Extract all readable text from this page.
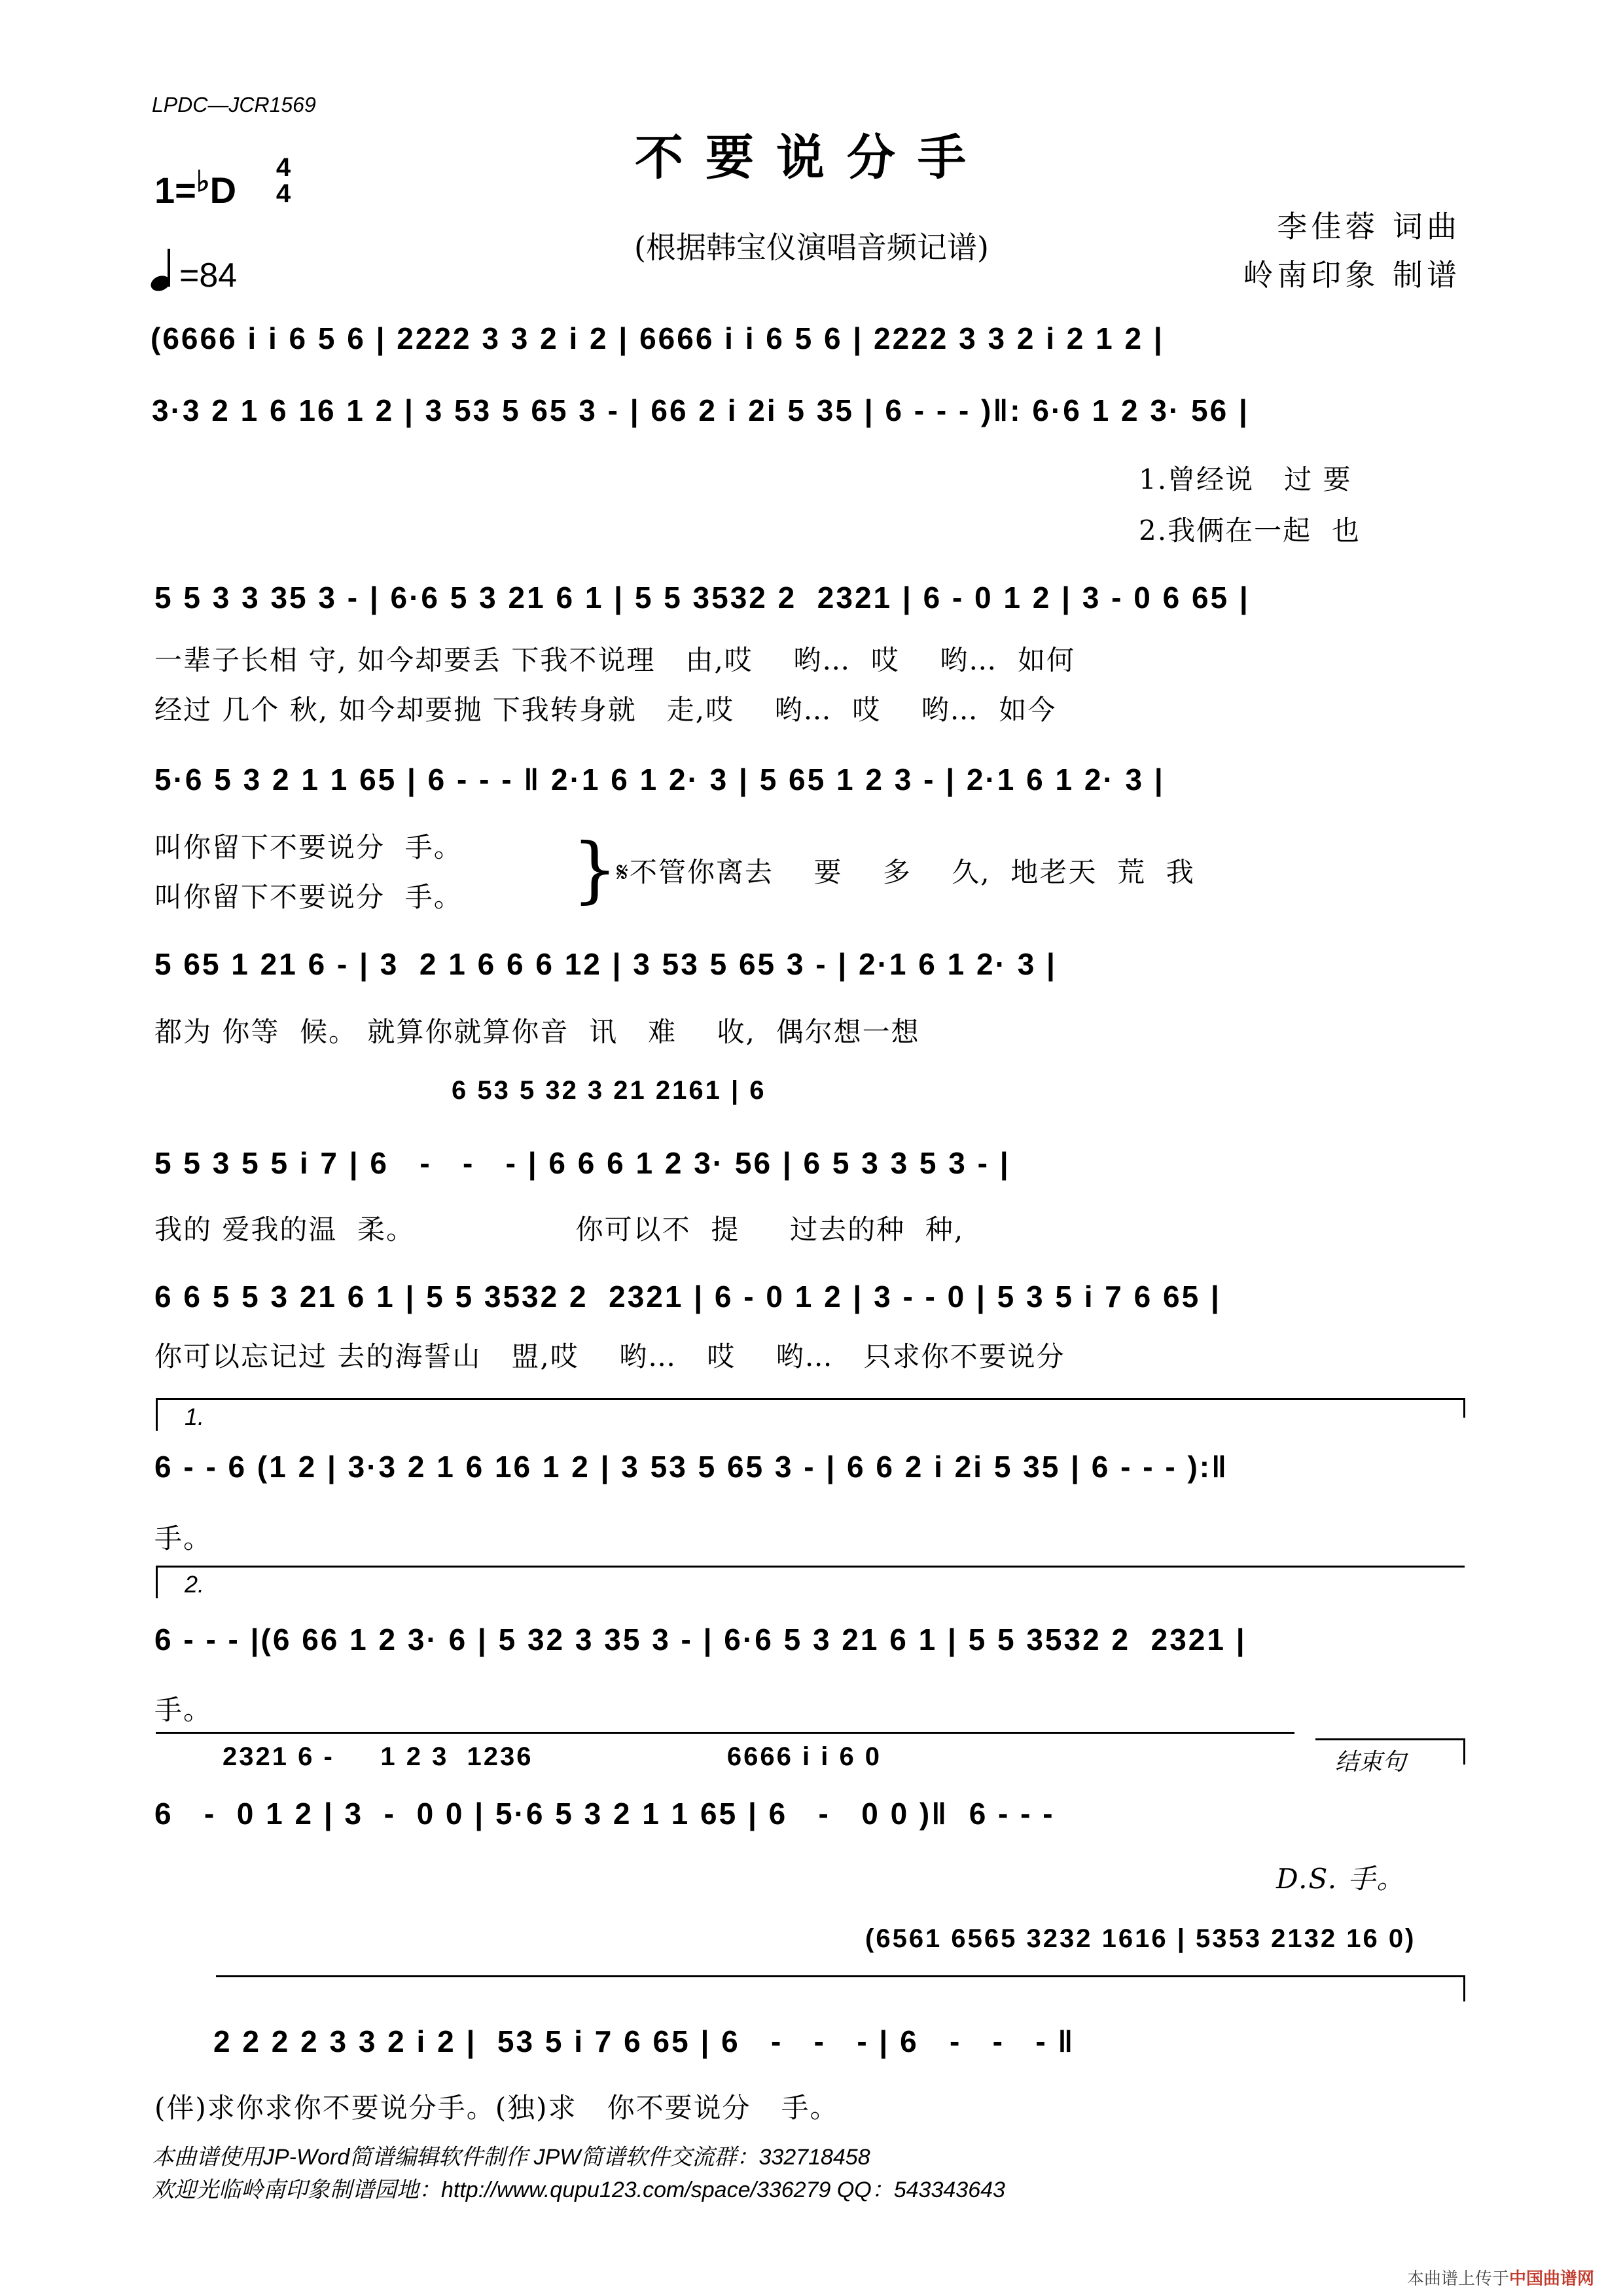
LPDC—JCR1569
不要说分手
(根据韩宝仪演唱音频记谱)
1=♭D
4
4
=84
李佳蓉 词曲
岭南印象 制谱
(6666 i i 6 5 6 | 2222 3 3 2 i 2 | 6666 i i 6 5 6 | 2222 3 3 2 i 2 1 2 |
3·3 2 1 6 16 1 2 | 3 53 5 65 3 - | 66 2 i 2i 5 35 | 6 - - - )‖: 6·6 1 2 3· 56 |
1.曾经说   过 要
2.我俩在一起  也
5 5 3 3 35 3 - | 6·6 5 3 21 6 1 | 5 5 3532 2  2321 | 6 - 0 1 2 | 3 - 0 6 65 |
一辈子长相 守, 如今却要丢 下我不说理   由,哎    哟…  哎    哟…  如何
经过 几个 秋, 如今却要抛 下我转身就   走,哎    哟…  哎    哟…  如今
5·6 5 3 2 1 1 65 | 6 - - - ‖ 2·1 6 1 2· 3 | 5 65 1 2 3 - | 2·1 6 1 2· 3 |
叫你留下不要说分  手。
叫你留下不要说分  手。 }
𝄋不管你离去    要    多    久,  地老天  荒  我
5 65 1 21 6 - | 3  2 1 6 6 6 12 | 3 53 5 65 3 - | 2·1 6 1 2· 3 |
都为 你等  候。 就算你就算你音  讯   难    收,  偶尔想一想
6 53 5 32 3 21 2161 | 6
5 5 3 5 5 i 7 | 6   -   -   - | 6 6 6 1 2 3· 56 | 6 5 3 3 5 3 - |
我的 爱我的温  柔。                你可以不  提     过去的种  种,
6 6 5 5 3 21 6 1 | 5 5 3532 2  2321 | 6 - 0 1 2 | 3 - - 0 | 5 3 5 i 7 6 65 |
你可以忘记过 去的海誓山   盟,哎    哟…   哎    哟…   只求你不要说分
1.
6 - - 6 (1 2 | 3·3 2 1 6 16 1 2 | 3 53 5 65 3 - | 6 6 2 i 2i 5 35 | 6 - - - ):‖
手。
2.
6 - - - |(6 66 1 2 3· 6 | 5 32 3 35 3 - | 6·6 5 3 21 6 1 | 5 5 3532 2  2321 |
手。
2321 6 -     1 2 3  1236                     6666 i i 6 0	结束句
6   -  0 1 2 | 3  -  0 0 | 5·6 5 3 2 1 1 65 | 6   -   0 0 )‖  6 - - -
D.S. 手。
(6561 6565 3232 1616 | 5353 2132 16 0)
2 2 2 2 3 3 2 i 2 |  53 5 i 7 6 65 | 6   -   -   - | 6   -   -   - ‖
(伴)求你求你不要说分手。(独)求   你不要说分   手。
本曲谱使用JP-Word简谱编辑软件制作 JPW简谱软件交流群：332718458
欢迎光临岭南印象制谱园地：http://www.qupu123.com/space/336279 QQ：543343643
本曲谱上传于中国曲谱网
